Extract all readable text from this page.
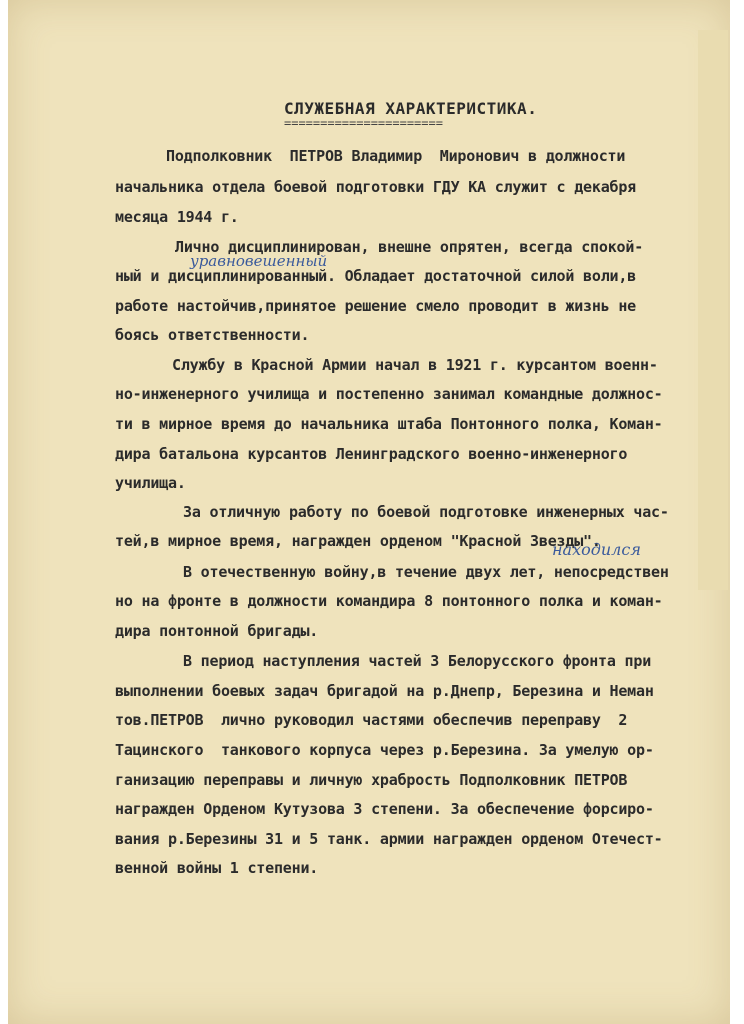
СЛУЖЕБНАЯ ХАРАКТЕРИСТИКА.
======================
Подполковник  ПЕТРОВ Владимир  Миронович в должности
начальника отдела боевой подготовки ГДУ КА служит с декабря
месяца 1944 г.
Лично дисциплинирован, внешне опрятен, всегда спокой-
уравновешенный
ный и дисциплинированный. Обладает достаточной силой воли,в
работе настойчив,принятое решение смело проводит в жизнь не
боясь ответственности.
Службу в Красной Армии начал в 1921 г. курсантом военн-
но-инженерного училища и постепенно занимал командные должнос-
ти в мирное время до начальника штаба Понтонного полка, Коман-
дира батальона курсантов Ленинградского военно-инженерного
училища.
За отличную работу по боевой подготовке инженерных час-
тей,в мирное время, награжден орденом "Красной Звезды".
находился
В отечественную войну,в течение двух лет, непосредствен
но на фронте в должности командира 8 понтонного полка и коман-
дира понтонной бригады.
В период наступления частей 3 Белорусского фронта при
выполнении боевых задач бригадой на р.Днепр, Березина и Неман
тов.ПЕТРОВ  лично руководил частями обеспечив переправу  2
Тацинского  танкового корпуса через р.Березина. За умелую ор-
ганизацию переправы и личную храбрость Подполковник ПЕТРОВ
награжден Орденом Кутузова 3 степени. За обеспечение форсиро-
вания р.Березины 31 и 5 танк. армии награжден орденом Отечест-
венной войны 1 степени.
